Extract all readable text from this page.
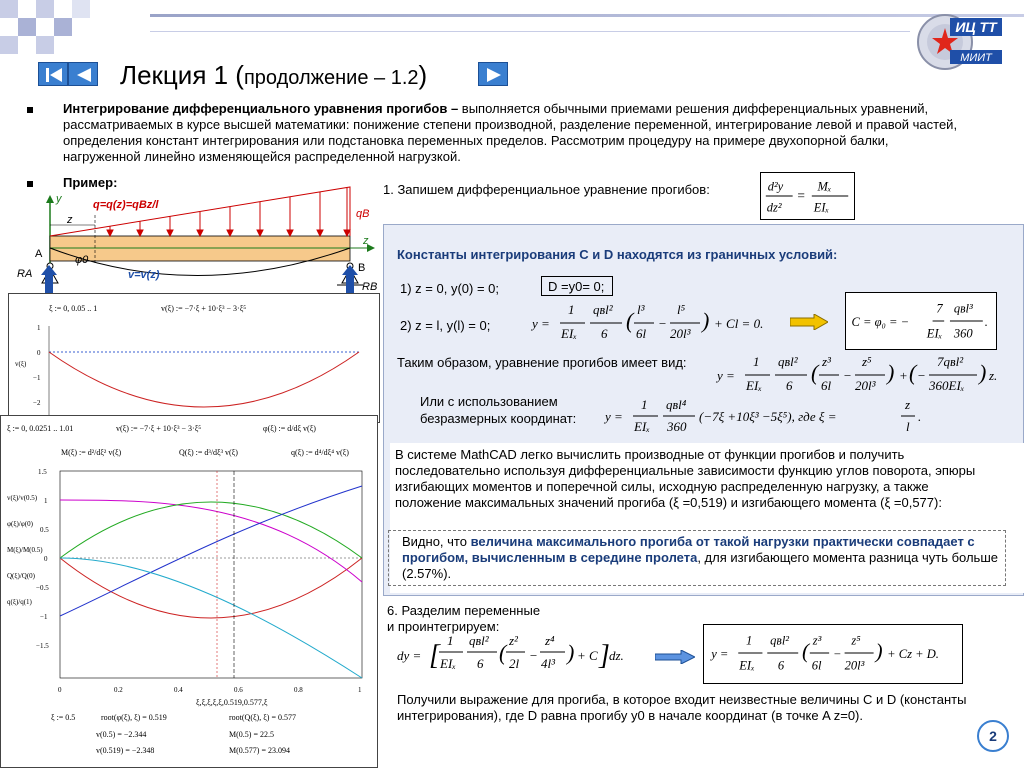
Лекция 1 (продолжение – 1.2)
ИЦ ТТ
МИИТ
Интегрирование дифференциального уравнения прогибов – выполняется обычными приемами решения дифференциальных уравнений, рассматриваемых в курсе высшей математики: понижение степени производной, разделение переменной, интегрирование левой и правой частей, определения констант интегрирования или подстановка переменных пределов. Рассмотрим процедуру на примере двухопорной балки, нагруженной линейно изменяющейся распределенной нагрузкой.
Пример:
y
z
q=q(z)=qBz/l
qB
z
A
B
φ0
v=v(z)
RA
RB
1. Запишем дифференциальное уравнение прогибов:	d²y
dz²
=
Mₓ
EIₓ
Константы интегрирования C и D находятся из граничных условий:
1) z = 0, y(0) = 0;	D =y0= 0;
2) z = l, y(l) = 0;	y =
1
EIₓ
qʙl²
6
( l³
6l
−
l⁵
20l³
) + Cl = 0.	C = φ₀ = −
7
EIₓ
qʙl³
360
.
Таким образом, уравнение прогибов имеет вид:
y =
1
EIₓ
qʙl²
6
( z³
6l
−
z⁵
20l³
) + ( −
7qʙl²
360EIₓ
) z.
Или с использованием
безразмерных координат: y =
1
EIₓ
qʙl⁴
360
(−7ξ +10ξ³ −5ξ⁵), где ξ =
z
l
.
В системе MathCAD легко вычислить производные от функции прогибов и получить последовательно используя дифференциальные зависимости функцию углов поворота, эпюры изгибающих моментов и поперечной силы, исходную распределенную нагрузку, а также положение максимальных значений прогиба (ξ =0,519) и изгибающего момента (ξ =0,577):
Видно, что величина максимального прогиба от такой нагрузки практически совпадает с прогибом, вычисленным в середине пролета, для изгибающего момента разница чуть больше (2.57%).
6. Разделим переменные
и проинтегрируем:
dy = [ 1
EIₓ
qʙl²
6 ( z²
2l
−
z⁴
4l³ ) + C ] dz.	y =
1
EIₓ
qʙl²
6
( z³
6l
−
z⁵
20l³
) + Cz + D.
Получили выражение для прогиба, в которое входит неизвестные величины C и D (константы интегрирования), где D равна прогибу y0 в начале координат (в точке A z=0).
2
ξ := 0, 0.05 .. 1	v(ξ) := −7·ξ + 10·ξ³ − 3·ξ⁵
1
0
−1
−2
v(ξ)
ξ := 0, 0.0251 .. 1.01	v(ξ) := −7·ξ + 10·ξ³ − 3·ξ⁵	φ(ξ) := d/dξ v(ξ)
M(ξ) := d²/dξ² v(ξ)	Q(ξ) := d³/dξ³ v(ξ)	q(ξ) := d⁴/dξ⁴ v(ξ)
v(ξ)/v(0.5)
φ(ξ)/φ(0)
M(ξ)/M(0.5)
Q(ξ)/Q(0)
q(ξ)/q(1)
1.5
1
0.5
0
−0.5
−1
−1.5
0	0.2	0.4	0.6	0.8	1
ξ,ξ,ξ,ξ,ξ,0.519,0.577,ξ
ξ := 0.5	root(φ(ξ), ξ) = 0.519	root(Q(ξ), ξ) = 0.577
v(0.5) = −2.344	M(0.5) = 22.5
v(0.519) = −2.348	M(0.577) = 23.094
